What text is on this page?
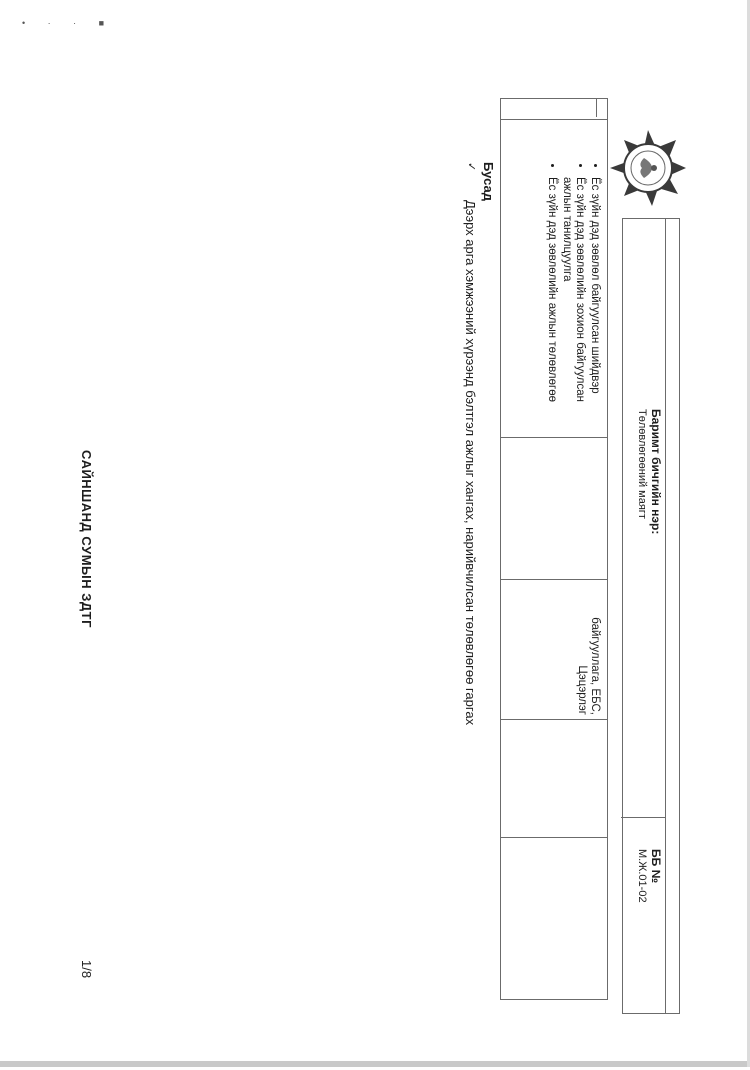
• · · ■
Баримт бичгийн нэр:
Төлөвлөгөөний маягт
ББ №
М.Ж.01-02
• Ёс зүйн дэд зөвлөл байгуулсан шийдвэр
• Ёс зүйн дэд зөвлөлийн зохион байгуулсан ажлын танилцуулга
• Ёс зүйн дэд зөвлөлийн ажлын төлөвлөгөө
байгууллага, ЕБС, Цэцэрлэг
Бусад
✓
Дээрх арга хэмжээний хүрээнд бэлтгэл ажлыг хангах, нарийвчилсан төлөвлөгөө гаргах
САЙНШАНД СУМЫН ЗДТГ
1/8
